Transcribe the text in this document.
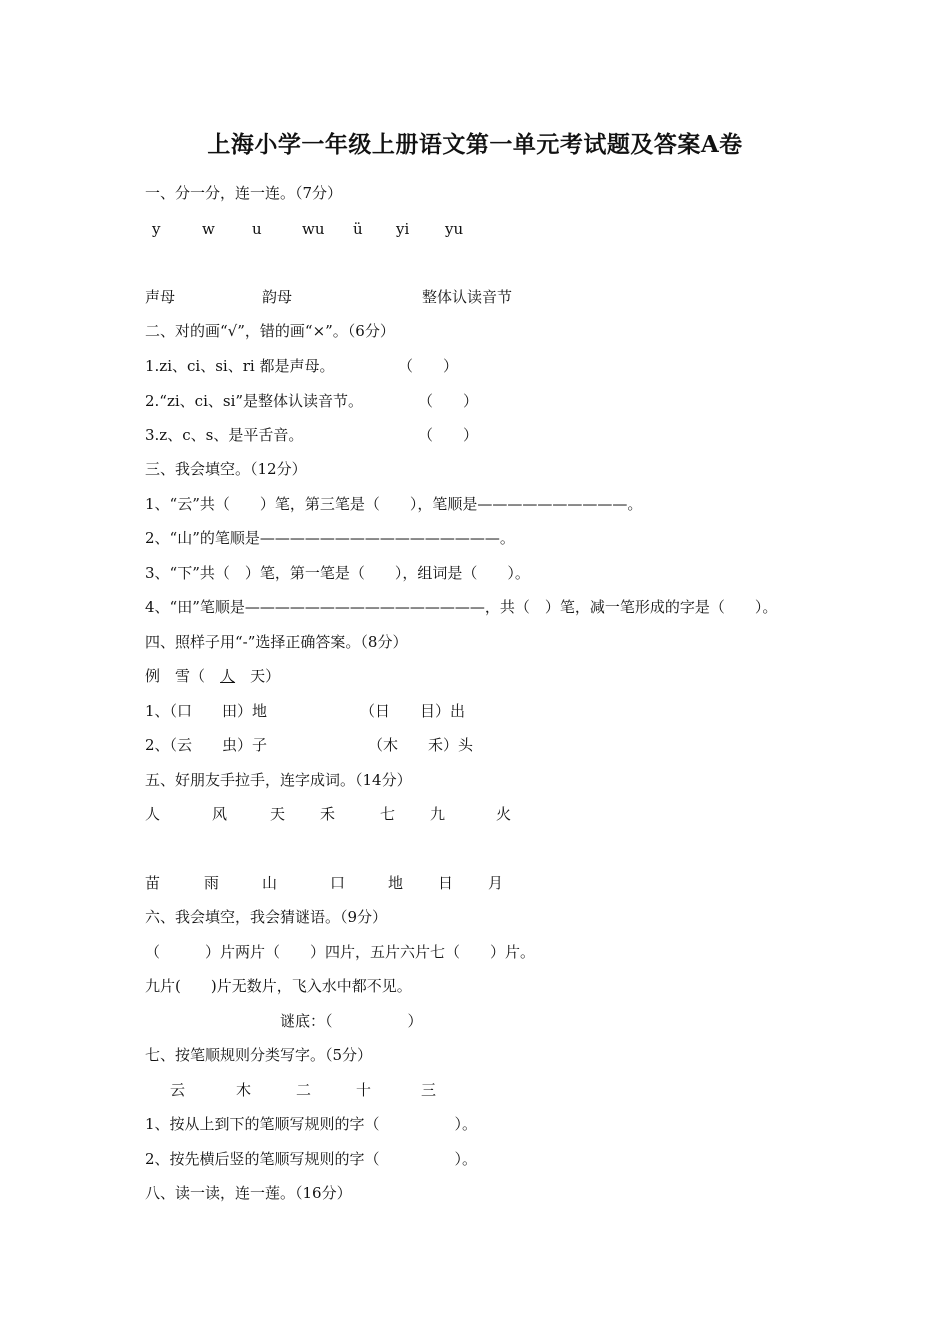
上海小学一年级上册语文第一单元考试题及答案A卷
一、分一分，连一连。（7分）
y	w u	wu ü yi yu
声母	韵母	整体认读音节
二、对的画“√”，错的画“×”。（6分）
1.zi、ci、si、ri 都是声母。	（　　）
2.“zi、ci、si”是整体认读音节。	（　　）
3.z、c、s、是平舌音。	（　　）
三、我会填空。（12分）
1、“云”共（　　）笔，第三笔是（　　），笔顺是——————————。
2、“山”的笔顺是————————————————。
3、“下”共（　）笔，第一笔是（　　），组词是（　　）。
4、“田”笔顺是————————————————，共（　）笔，减一笔形成的字是（　　）。
四、照样子用“-”选择正确答案。（8分）
例　雪（　 人　 天）
1、（口　　田）地	（日　　目）出
2、（云　　虫）子	（木　　禾）头
五、好朋友手拉手，连字成词。（14分）
人	风	天 禾	七 九	火
苗	雨	山	口	地 日 月
六、我会填空，我会猜谜语。（9分）
（　　　）片两片（　　）四片，五片六片七（　　）片。
九片(　　)片无数片，飞入水中都不见。
谜底：（　　　　　）
七、按笔顺规则分类写字。（5分）
云	木	二	十	三
1、按从上到下的笔顺写规则的字（　　　　　）。
2、按先横后竖的笔顺写规则的字（　　　　　）。
八、读一读，连一莲。（16分）
